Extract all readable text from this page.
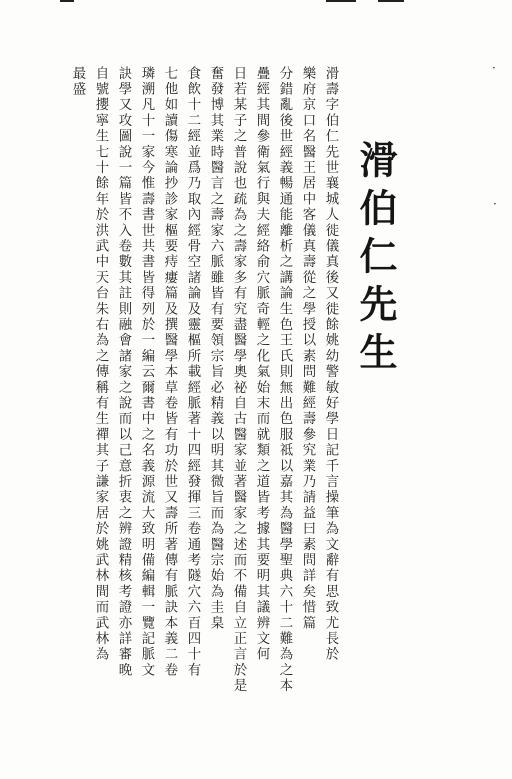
滑伯仁先生
滑壽字伯仁先世襄城人徙儀真後又徙餘姚幼警敏好學日記千言操筆為文辭有思致尤長於
樂府京口名醫王居中客儀真壽從之學授以素問難經壽參究業乃請益曰素問詳矣惜篇
分錯亂後世經義暢通能離析之講論生色王氏則無出色服祗以嘉其為醫學聖典六十二難為之本
疊經其間參衛氣行與夫經絡俞穴脈奇輕之化氣始末而就類之道皆考據其要明其議辨文何
日若某子之普說也疏為之壽家多有究盡醫學奧祕自古醫家並著醫家之述而不備自立正言於是
奮發博其業時醫言之壽家六脈雖皆有要領宗旨必精義以明其微旨而為醫宗始為圭臬
食飲十二經並爲乃取內經骨空諸論及靈樞所載經脈著十四經發揮三卷通考隧穴六百四十有
七他如讀傷寒論抄診家樞要痔瘻篇及撰醫學本草卷皆有功於世又壽所著傳有脈訣本義二卷
璘溯凡十一家今惟壽書世共書皆得列於一編云爾書中之名義源流大致明備編輯一覽記脈文
訣學又攻圖說一篇皆不入卷數其註則融會諸家之說而以己意折衷之辨證精核考證亦詳審晚
自號攖寧生七十餘年於洪武中天台朱右為之傳稱有生禪其子謙家居於姚武林間而武林為
最盛	·
·
